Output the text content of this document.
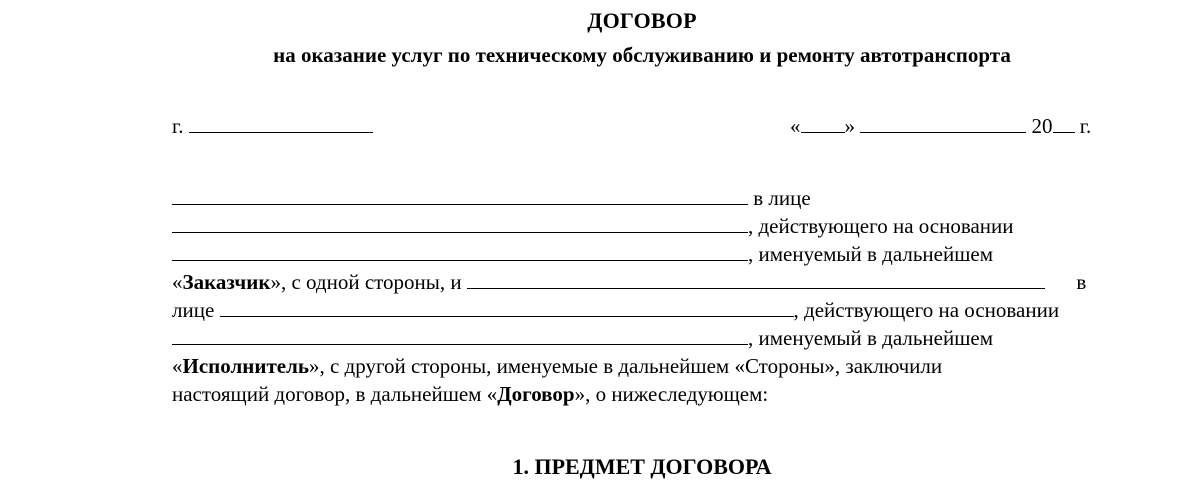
ДОГОВОР
на оказание услуг по техническому обслуживанию и ремонту автотранспорта
г.	« »	20 г.
в лице
, действующего на основании
, именуемый в дальнейшем
«Заказчик», с одной стороны, и	в
лице	, действующего на основании
, именуемый в дальнейшем
«Исполнитель», с другой стороны, именуемые в дальнейшем «Стороны», заключили
настоящий договор, в дальнейшем «Договор», о нижеследующем:
1. ПРЕДМЕТ ДОГОВОРА
